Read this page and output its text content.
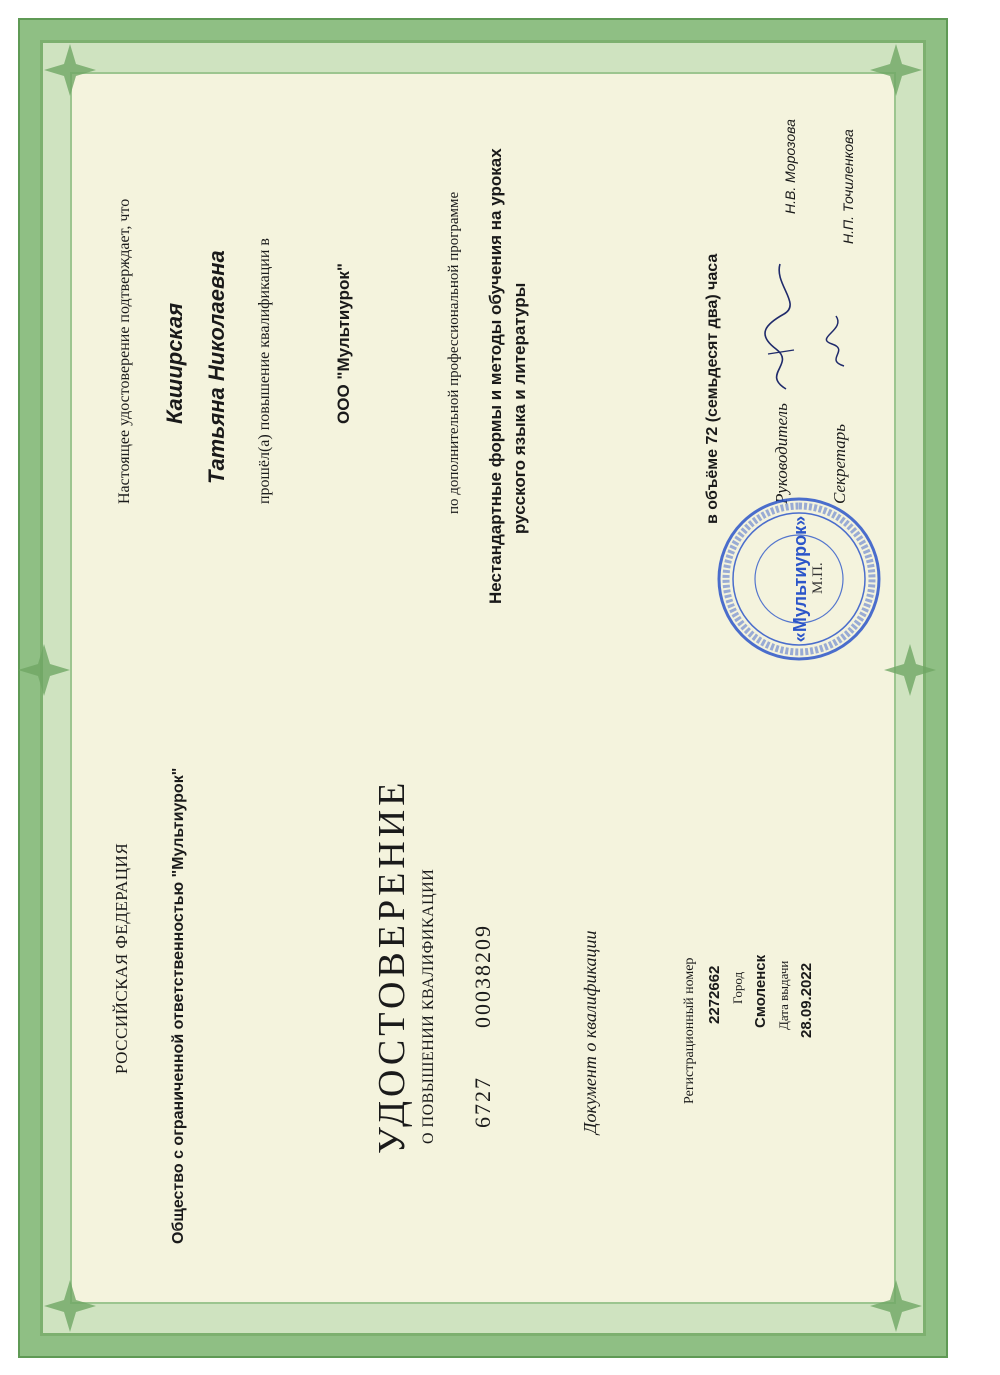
РОССИЙСКАЯ ФЕДЕРАЦИЯ Общество с ограниченной ответственностью "Мультиурок"	УДОСТОВЕРЕНИЕ О ПОВЫШЕНИИ КВАЛИФИКАЦИИ 6727
00038209	Документ о квалификации	Регистрационный номер 2272662 Город Смоленск Дата выдачи 28.09.2022
Настоящее удостоверение подтверждает, что Каширская Татьяна Николаевна прошёл(а) повышение квалификации в	ООО "Мультиурок"	по дополнительной профессиональной программе Нестандартные формы и методы обучения на уроках русского языка и литературы	в объёме 72 (семьдесят два) часа	Руководитель
Н.В. Морозова
Секретарь
Н.П. Точиленкова
«Мультиурок» М.П.
